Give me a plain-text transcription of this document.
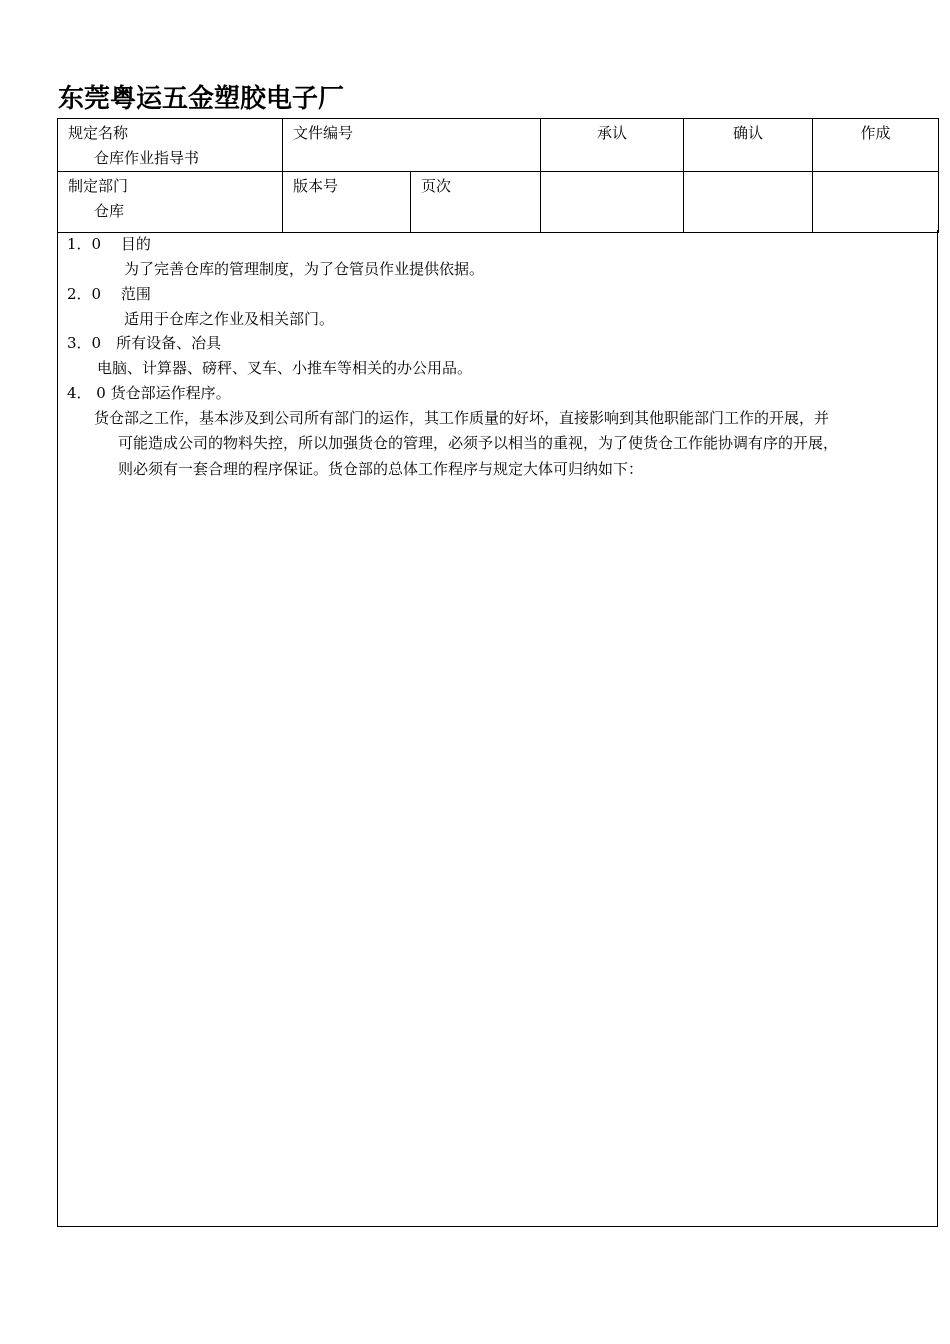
东莞粤运五金塑胶电子厂
规定名称
仓库作业指导书	文件编号		承认	确认	作成
制定部门
仓库	版本号	页次			
1．0　 目的
为了完善仓库的管理制度，为了仓管员作业提供依据。
2．0　 范围
适用于仓库之作业及相关部门。
3．0　所有设备、冶具
电脑、计算器、磅秤、叉车、小推车等相关的办公用品。
4． 0 货仓部运作程序。
货仓部之工作，基本涉及到公司所有部门的运作，其工作质量的好坏，直接影响到其他职能部门工作的开展，并
可能造成公司的物料失控，所以加强货仓的管理，必须予以相当的重视，为了使货仓工作能协调有序的开展，
则必须有一套合理的程序保证。货仓部的总体工作程序与规定大体可归纳如下：
